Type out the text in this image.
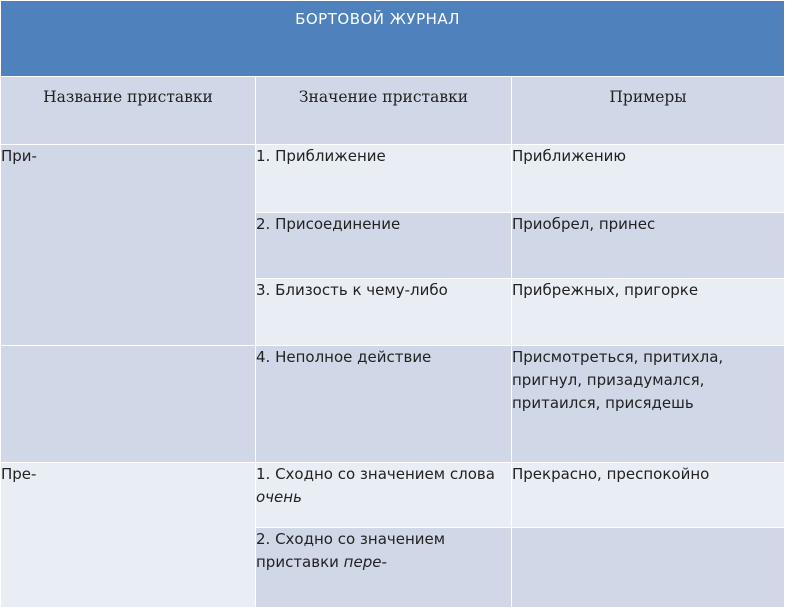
БОРТОВОЙ ЖУРНАЛ		
Название приставки	Значение приставки	Примеры

При-	1. Приближение	Приближению

	2. Присоединение	Приобрел, принес

	3. Близость к чему-либо	Прибрежных, пригорке

	4. Неполное действие	Присмотреться, притихла, пригнул, призадумался, притаился, присядешь

Пре-	1. Сходно со значением слова очень	Прекрасно, преспокойно

	2. Сходно со значением приставки пере-	
